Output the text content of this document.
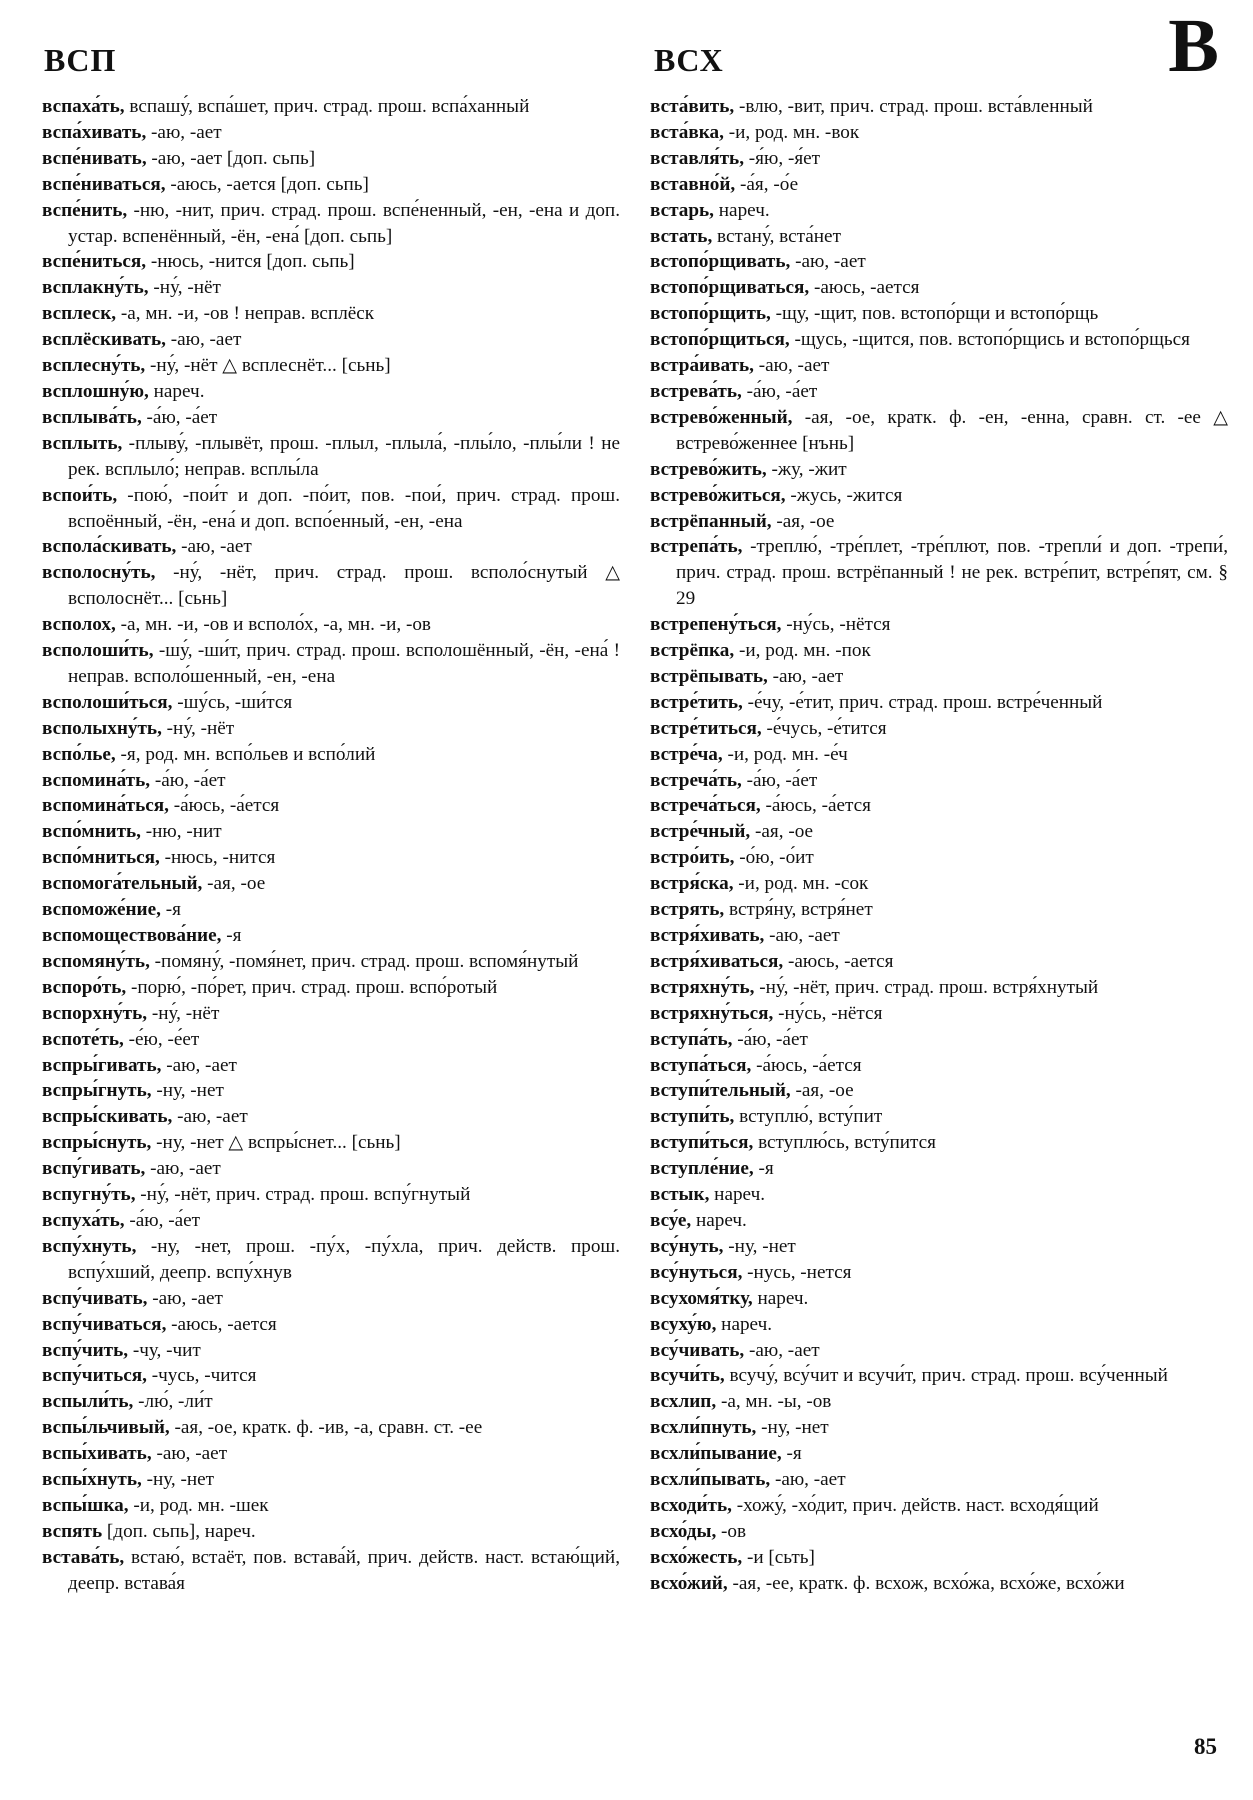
ВСП	ВСХ	В
вспаха́ть, вспашу́, вспа́шет, прич. страд. прош. вспа́ханный
вспа́хивать, -аю, -ает
вспе́нивать, -аю, -ает [доп. сьпь]
вспе́ниваться, -аюсь, -ается [доп. сьпь]
вспе́нить, -ню, -нит, прич. страд. прош. вспе́ненный, -ен, -ена и доп. устар. вспенённый, -ён, -ена́ [доп. сьпь]
вспе́ниться, -нюсь, -нится [доп. сьпь]
всплакну́ть, -ну́, -нёт
всплеск, -а, мн. -и, -ов ! неправ. всплёск
всплёскивать, -аю, -ает
всплесну́ть, -ну́, -нёт △ всплеснёт... [сьнь]
всплошну́ю, нареч.
всплыва́ть, -а́ю, -а́ет
всплыть, -плыву́, -плывёт, прош. -плыл, -плыла́, -плы́ло, -плы́ли ! не рек. всплыло́; неправ. всплы́ла
вспои́ть, -пою́, -пои́т и доп. -по́ит, пов. -пои́, прич. страд. прош. вспоённый, -ён, -ена́ и доп. вспо́енный, -ен, -ена
вспола́скивать, -аю, -ает
всполосну́ть, -ну́, -нёт, прич. страд. прош. всполо́снутый △ всполоснёт... [сьнь]
всполох, -а, мн. -и, -ов и всполо́х, -а, мн. -и, -ов
всполоши́ть, -шу́, -ши́т, прич. страд. прош. всполошённый, -ён, -ена́ ! неправ. всполо́шенный, -ен, -ена
всполоши́ться, -шу́сь, -ши́тся
всполыхну́ть, -ну́, -нёт
вспо́лье, -я, род. мн. вспо́льев и вспо́лий
вспомина́ть, -а́ю, -а́ет
вспомина́ться, -а́юсь, -а́ется
вспо́мнить, -ню, -нит
вспо́мниться, -нюсь, -нится
вспомога́тельный, -ая, -ое
вспоможе́ние, -я
вспомоществова́ние, -я
вспомяну́ть, -помяну́, -помя́нет, прич. страд. прош. вспомя́нутый
вспоро́ть, -порю́, -по́рет, прич. страд. прош. вспо́ротый
вспорхну́ть, -ну́, -нёт
вспоте́ть, -е́ю, -е́ет
вспры́гивать, -аю, -ает
вспры́гнуть, -ну, -нет
вспры́скивать, -аю, -ает
вспры́снуть, -ну, -нет △ вспры́снет... [сьнь]
вспу́гивать, -аю, -ает
вспугну́ть, -ну́, -нёт, прич. страд. прош. вспу́гнутый
вспуха́ть, -а́ю, -а́ет
вспу́хнуть, -ну, -нет, прош. -пу́х, -пу́хла, прич. действ. прош. вспу́хший, деепр. вспу́хнув
вспу́чивать, -аю, -ает
вспу́чиваться, -аюсь, -ается
вспу́чить, -чу, -чит
вспу́читься, -чусь, -чится
вспыли́ть, -лю́, -ли́т
вспы́льчивый, -ая, -ое, кратк. ф. -ив, -а, сравн. ст. -ее
вспы́хивать, -аю, -ает
вспы́хнуть, -ну, -нет
вспы́шка, -и, род. мн. -шек
вспять [доп. сьпь], нареч.
встава́ть, встаю́, встаёт, пов. встава́й, прич. действ. наст. встаю́щий, деепр. встава́я
вста́вить, -влю, -вит, прич. страд. прош. вста́вленный
вста́вка, -и, род. мн. -вок
вставля́ть, -я́ю, -я́ет
вставно́й, -а́я, -о́е
встарь, нареч.
встать, встану́, вста́нет
встопо́рщивать, -аю, -ает
встопо́рщиваться, -аюсь, -ается
встопо́рщить, -щу, -щит, пов. встопо́рщи и встопо́рщь
встопо́рщиться, -щусь, -щится, пов. встопо́рщись и встопо́рщься
встра́ивать, -аю, -ает
встрева́ть, -а́ю, -а́ет
встрево́женный, -ая, -ое, кратк. ф. -ен, -енна, сравн. ст. -ее △ встрево́женнее [нънь]
встрево́жить, -жу, -жит
встрево́житься, -жусь, -жится
встрёпанный, -ая, -ое
встрепа́ть, -треплю́, -тре́плет, -тре́плют, пов. -трепли́ и доп. -трепи́, прич. страд. прош. встрёпанный ! не рек. встре́пит, встре́пят, см. § 29
встрепену́ться, -ну́сь, -нётся
встрёпка, -и, род. мн. -пок
встрёпывать, -аю, -ает
встре́тить, -е́чу, -е́тит, прич. страд. прош. встре́ченный
встре́титься, -е́чусь, -е́тится
встре́ча, -и, род. мн. -е́ч
встреча́ть, -а́ю, -а́ет
встреча́ться, -а́юсь, -а́ется
встре́чный, -ая, -ое
встро́ить, -о́ю, -о́ит
встря́ска, -и, род. мн. -сок
встрять, встря́ну, встря́нет
встря́хивать, -аю, -ает
встря́хиваться, -аюсь, -ается
встряхну́ть, -ну́, -нёт, прич. страд. прош. встря́хнутый
встряхну́ться, -ну́сь, -нётся
вступа́ть, -а́ю, -а́ет
вступа́ться, -а́юсь, -а́ется
вступи́тельный, -ая, -ое
вступи́ть, вступлю́, всту́пит
вступи́ться, вступлю́сь, всту́пится
вступле́ние, -я
встык, нареч.
всу́е, нареч.
всу́нуть, -ну, -нет
всу́нуться, -нусь, -нется
всухомя́тку, нареч.
всуху́ю, нареч.
всу́чивать, -аю, -ает
всучи́ть, всучу́, всу́чит и всучи́т, прич. страд. прош. всу́ченный
всхлип, -а, мн. -ы, -ов
всхли́пнуть, -ну, -нет
всхли́пывание, -я
всхли́пывать, -аю, -ает
всходи́ть, -хожу́, -хо́дит, прич. действ. наст. всходя́щий
всхо́ды, -ов
всхо́жесть, -и [сьть]
всхо́жий, -ая, -ее, кратк. ф. всхож, всхо́жа, всхо́же, всхо́жи
85
